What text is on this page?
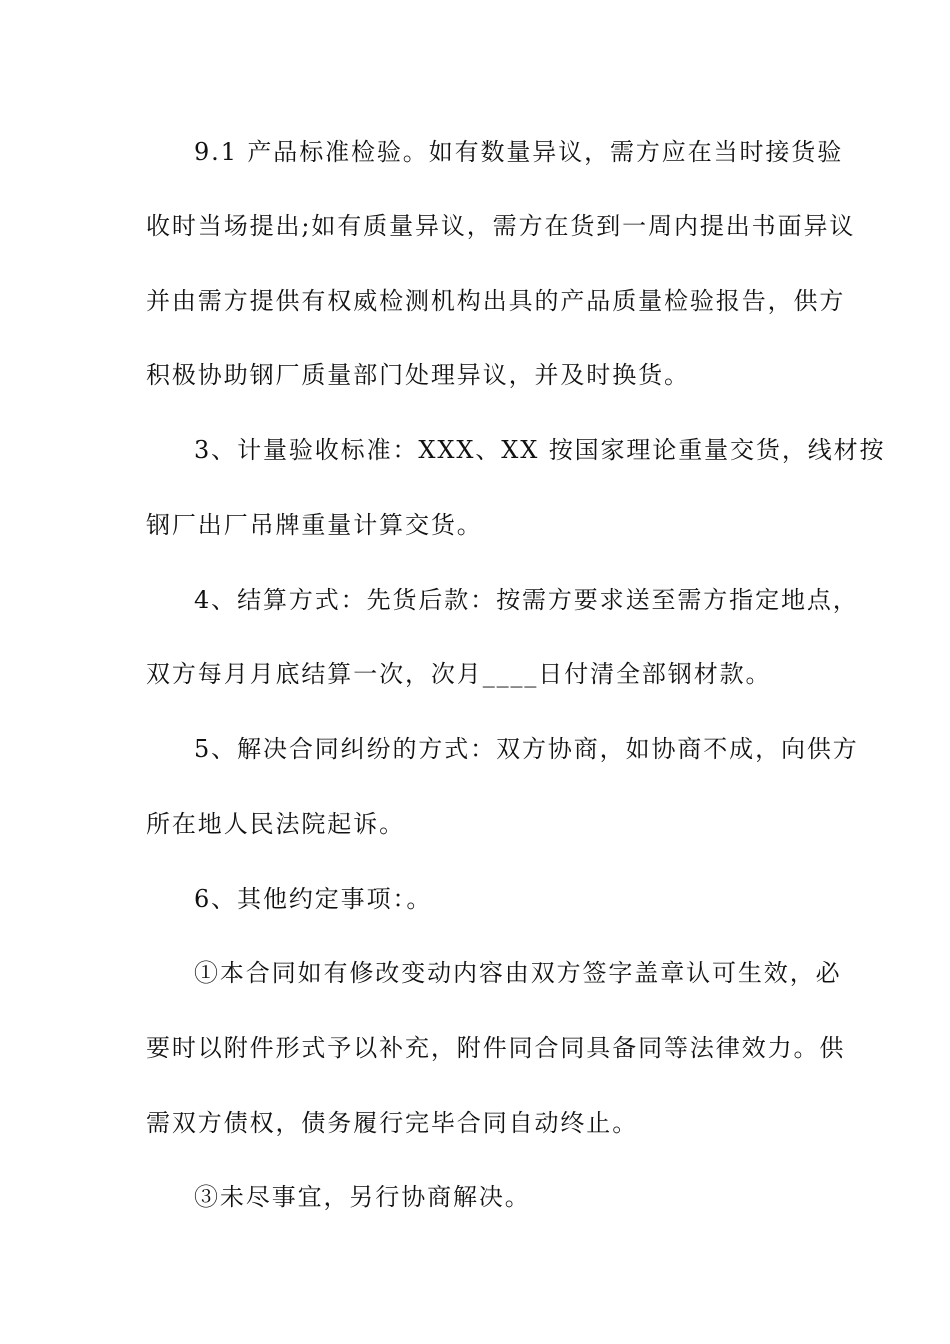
9.1 产品标准检验。如有数量异议，需方应在当时接货验
收时当场提出;如有质量异议，需方在货到一周内提出书面异议
并由需方提供有权威检测机构出具的产品质量检验报告，供方
积极协助钢厂质量部门处理异议，并及时换货。
3、计量验收标准：XXX、XX 按国家理论重量交货，线材按
钢厂出厂吊牌重量计算交货。
4、结算方式：先货后款：按需方要求送至需方指定地点，
双方每月月底结算一次，次月____日付清全部钢材款。
5、解决合同纠纷的方式：双方协商，如协商不成，向供方
所在地人民法院起诉。
6、其他约定事项：。
①本合同如有修改变动内容由双方签字盖章认可生效，必
要时以附件形式予以补充，附件同合同具备同等法律效力。供
需双方债权，债务履行完毕合同自动终止。
③未尽事宜，另行协商解决。
